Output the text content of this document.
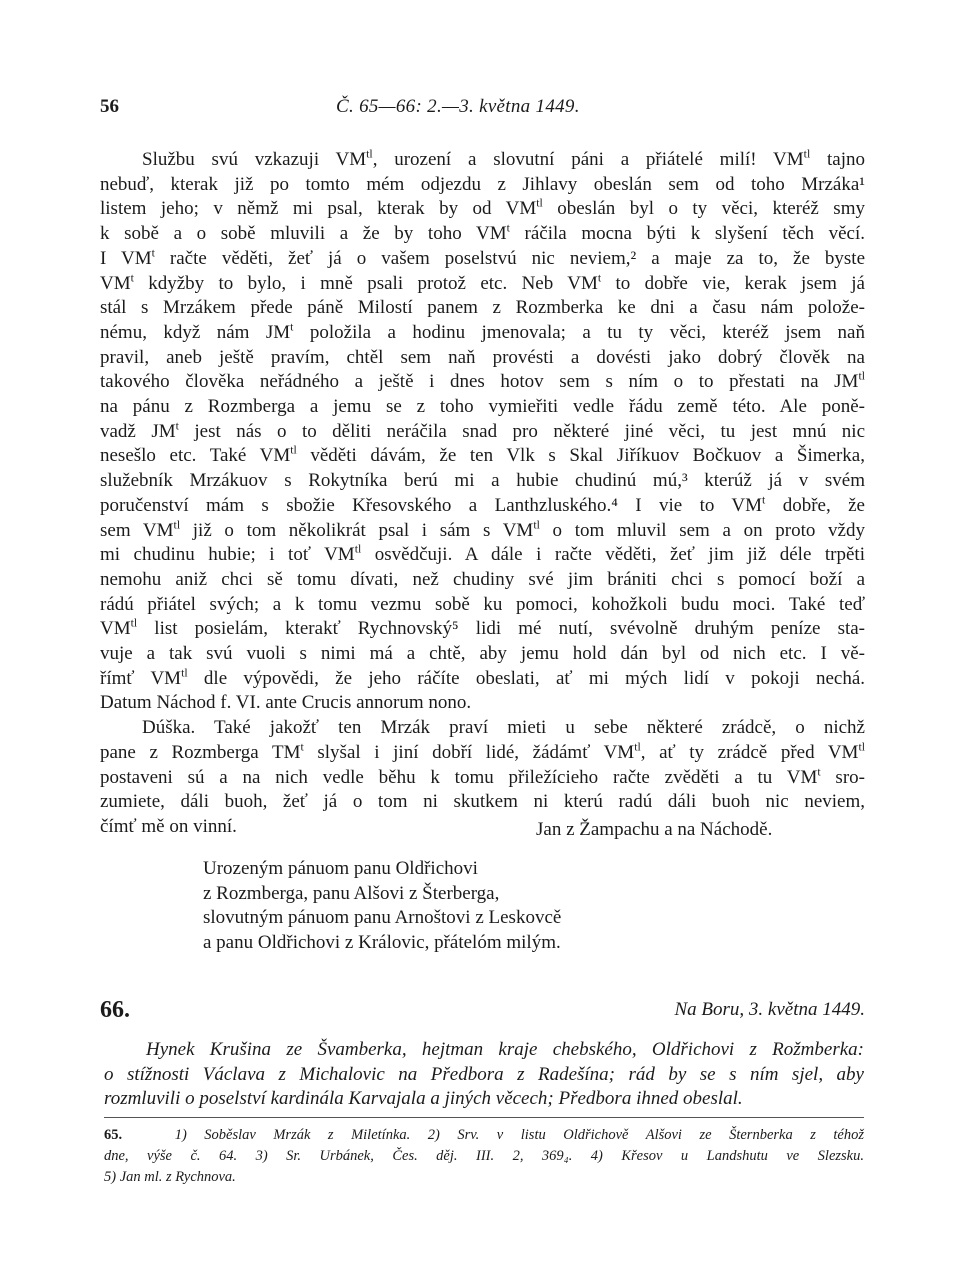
56	Č. 65—66: 2.—3. května 1449.
Službu svú vzkazuji $VM^{tl}$, urození a slovutní páni a přiátelé milí! $VM^{tl}$ tajno
nebuď, kterak již po tomto mém odjezdu z Jihlavy obeslán sem od toho Mrzáka¹
listem jeho; v němž mi psal, kterak by od $VM^{tl}$ obeslán byl o ty věci, kteréž smy
k sobě a o sobě mluvili a že by toho $VM^t$ ráčila mocna býti k slyšení těch věcí.
I $VM^t$ račte věděti, žeť já o vašem poselstvú nic neviem,² a maje za to, že byste
$VM^t$ kdyžby to bylo, i mně psali protož etc. Neb $VM^t$ to dobře vie, kerak jsem já
stál s Mrzákem přede páně Milostí panem z Rozmberka ke dni a času nám polože-
nému, když nám $JM^t$ položila a hodinu jmenovala; a tu ty věci, kteréž jsem naň
pravil, aneb ještě pravím, chtěl sem naň provésti a dovésti jako dobrý člověk na
takového člověka neřádného a ještě i dnes hotov sem s ním o to přestati na $JM^{tl}$
na pánu z Rozmberga a jemu se z toho vymieřiti vedle řádu země této. Ale poně-
vadž $JM^t$ jest nás o to děliti neráčila snad pro některé jiné věci, tu jest mnú nic
nesešlo etc. Také $VM^{tl}$ věděti dávám, že ten Vlk s Skal Jiříkuov Bočkuov a Šimerka,
služebník Mrzákuov s Rokytníka berú mi a hubie chudinú mú,³ kterúž já v svém
poručenství mám s sbožie Křesovského a Lanthzluského.⁴ I vie to $VM^t$ dobře, že
sem $VM^{tl}$ již o tom několikrát psal i sám s $VM^{tl}$ o tom mluvil sem a on proto vždy
mi chudinu hubie; i toť $VM^{tl}$ osvědčuji. A dále i račte věděti, žeť jim již déle trpěti
nemohu aniž chci sě tomu dívati, než chudiny své jim brániti chci s pomocí boží a
rádú přiátel svých; a k tomu vezmu sobě ku pomoci, kohožkoli budu moci. Také teď
$VM^{tl}$ list posielám, kterakť Rychnovský⁵ lidi mé nutí, svévolně druhým peníze sta-
vuje a tak svú vuoli s nimi má a chtě, aby jemu hold dán byl od nich etc. I vě-
římť $VM^{tl}$ dle výpovědi, že jeho ráčíte obeslati, ať mi mých lidí v pokoji nechá.
Datum Náchod f. VI. ante Crucis annorum nono.
Dúška. Také jakožť ten Mrzák praví mieti u sebe některé zrádcě, o nichž
pane z Rozmberga $TM^t$ slyšal i jiní dobří lidé, žádámť $VM^{tl}$, ať ty zrádcě před $VM^{tl}$
postaveni sú a na nich vedle běhu k tomu přiležícieho račte zvěděti a tu $VM^t$ sro-
zumiete, dáli buoh, žeť já o tom ni skutkem ni kterú radú dáli buoh nic neviem,
čímť mě on vinní.	Jan z Žampachu a na Náchodě.
Urozeným pánuom panu Oldřichovi
z Rozmberga, panu Alšovi z Šterberga,
slovutným pánuom panu Arnoštovi z Leskovcě
a panu Oldřichovi z Královic, přátelóm milým.
66.	Na Boru, 3. května 1449.
Hynek Krušina ze Švamberka, hejtman kraje chebského, Oldřichovi z Rožmberka:
o stížnosti Václava z Michalovic na Předbora z Radešína; rád by se s ním sjel, aby
rozmluvili o poselství kardinála Karvajala a jiných věcech; Předbora ihned obeslal.
65.	1) Soběslav Mrzák z Miletínka. 2) Srv. v listu Oldřichově Alšovi ze Šternberka z téhož
dne, výše č. 64. 3) Sr. Urbánek, Čes. děj. III. 2, 369₄. 4) Křesov u Landshutu ve Slezsku.
5) Jan ml. z Rychnova.
